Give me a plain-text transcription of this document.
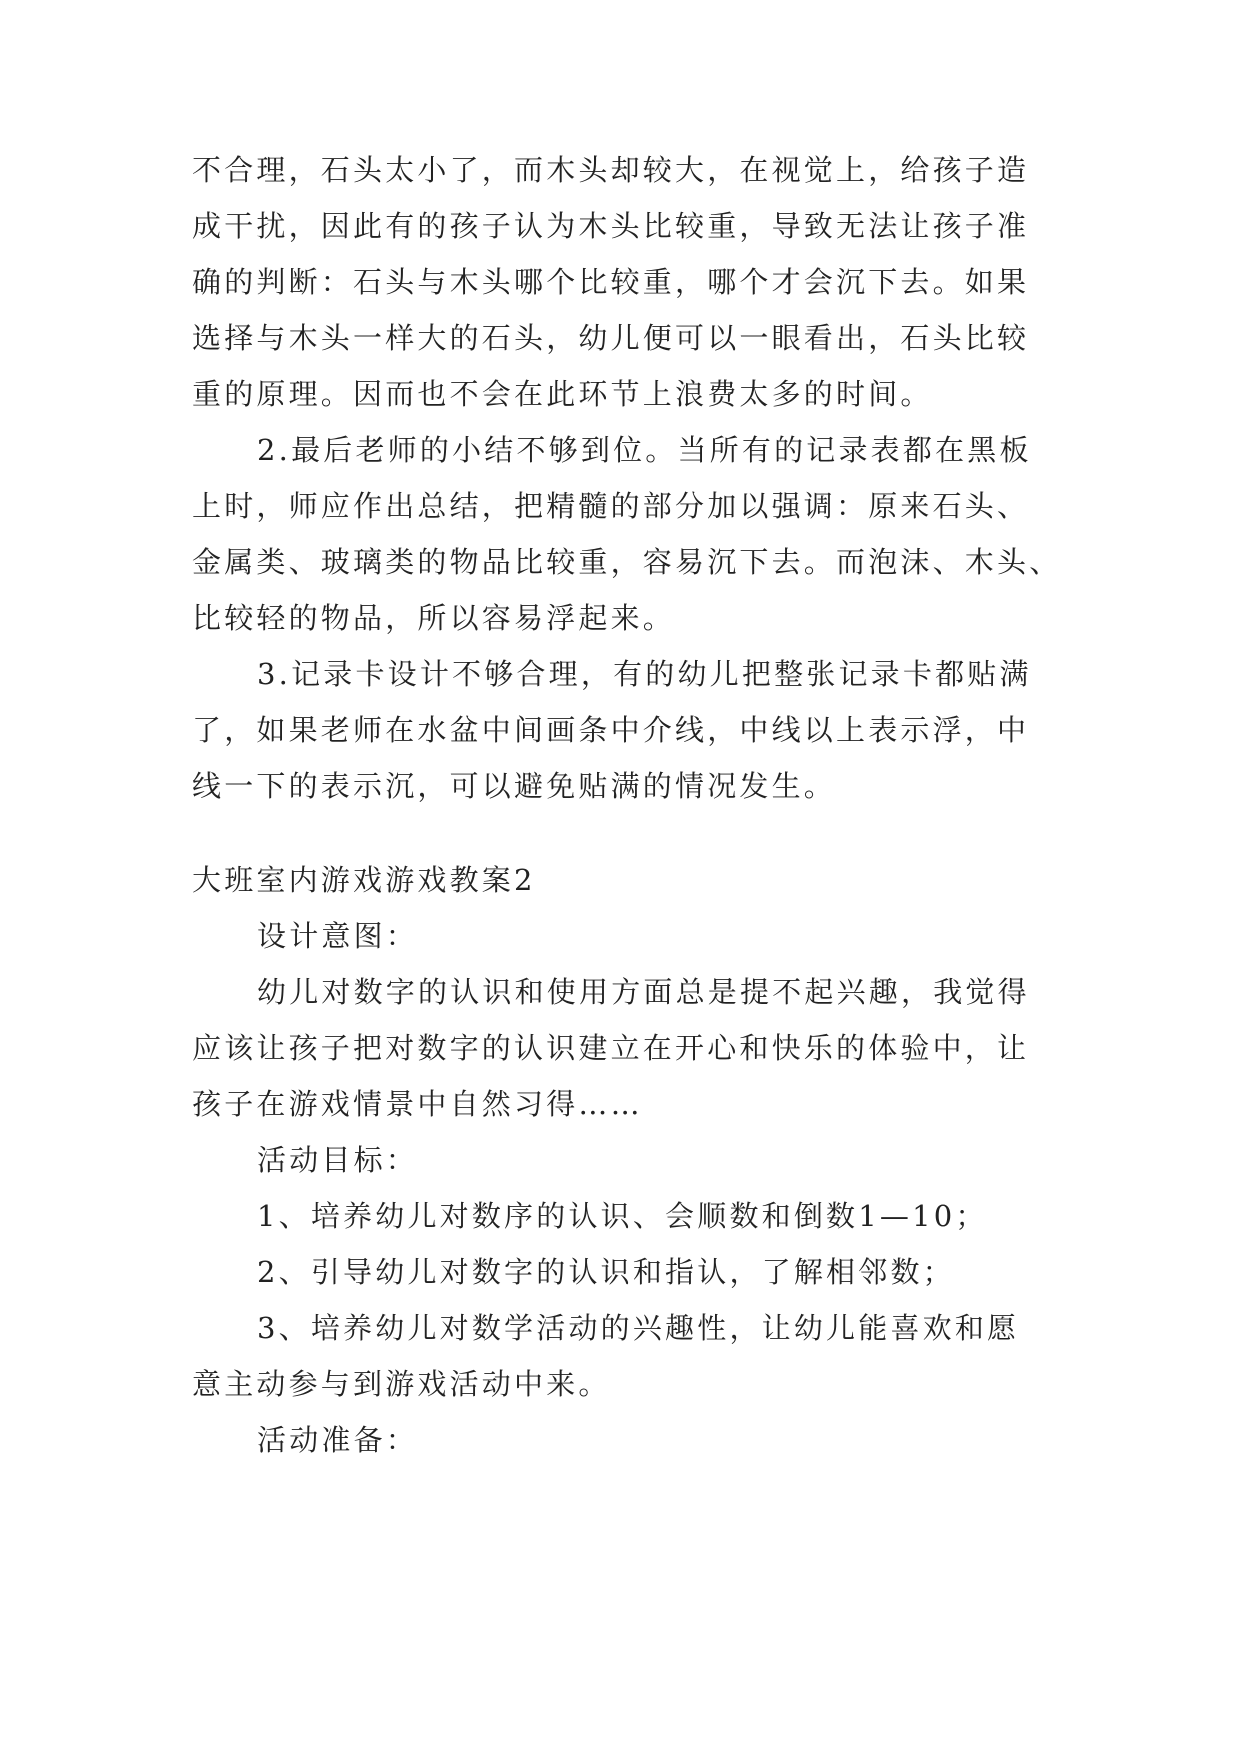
不合理，石头太小了，而木头却较大，在视觉上，给孩子造
成干扰，因此有的孩子认为木头比较重，导致无法让孩子准
确的判断：石头与木头哪个比较重，哪个才会沉下去。如果
选择与木头一样大的石头，幼儿便可以一眼看出，石头比较
重的原理。因而也不会在此环节上浪费太多的时间。
2.最后老师的小结不够到位。当所有的记录表都在黑板
上时，师应作出总结，把精髓的部分加以强调：原来石头、
金属类、玻璃类的物品比较重，容易沉下去。而泡沫、木头、
比较轻的物品，所以容易浮起来。
3.记录卡设计不够合理，有的幼儿把整张记录卡都贴满
了，如果老师在水盆中间画条中介线，中线以上表示浮，中
线一下的表示沉，可以避免贴满的情况发生。
大班室内游戏游戏教案2
设计意图：
幼儿对数字的认识和使用方面总是提不起兴趣，我觉得
应该让孩子把对数字的认识建立在开心和快乐的体验中，让
孩子在游戏情景中自然习得……
活动目标：
1、培养幼儿对数序的认识、会顺数和倒数1—10；
2、引导幼儿对数字的认识和指认，了解相邻数；
3、培养幼儿对数学活动的兴趣性，让幼儿能喜欢和愿
意主动参与到游戏活动中来。
活动准备：
